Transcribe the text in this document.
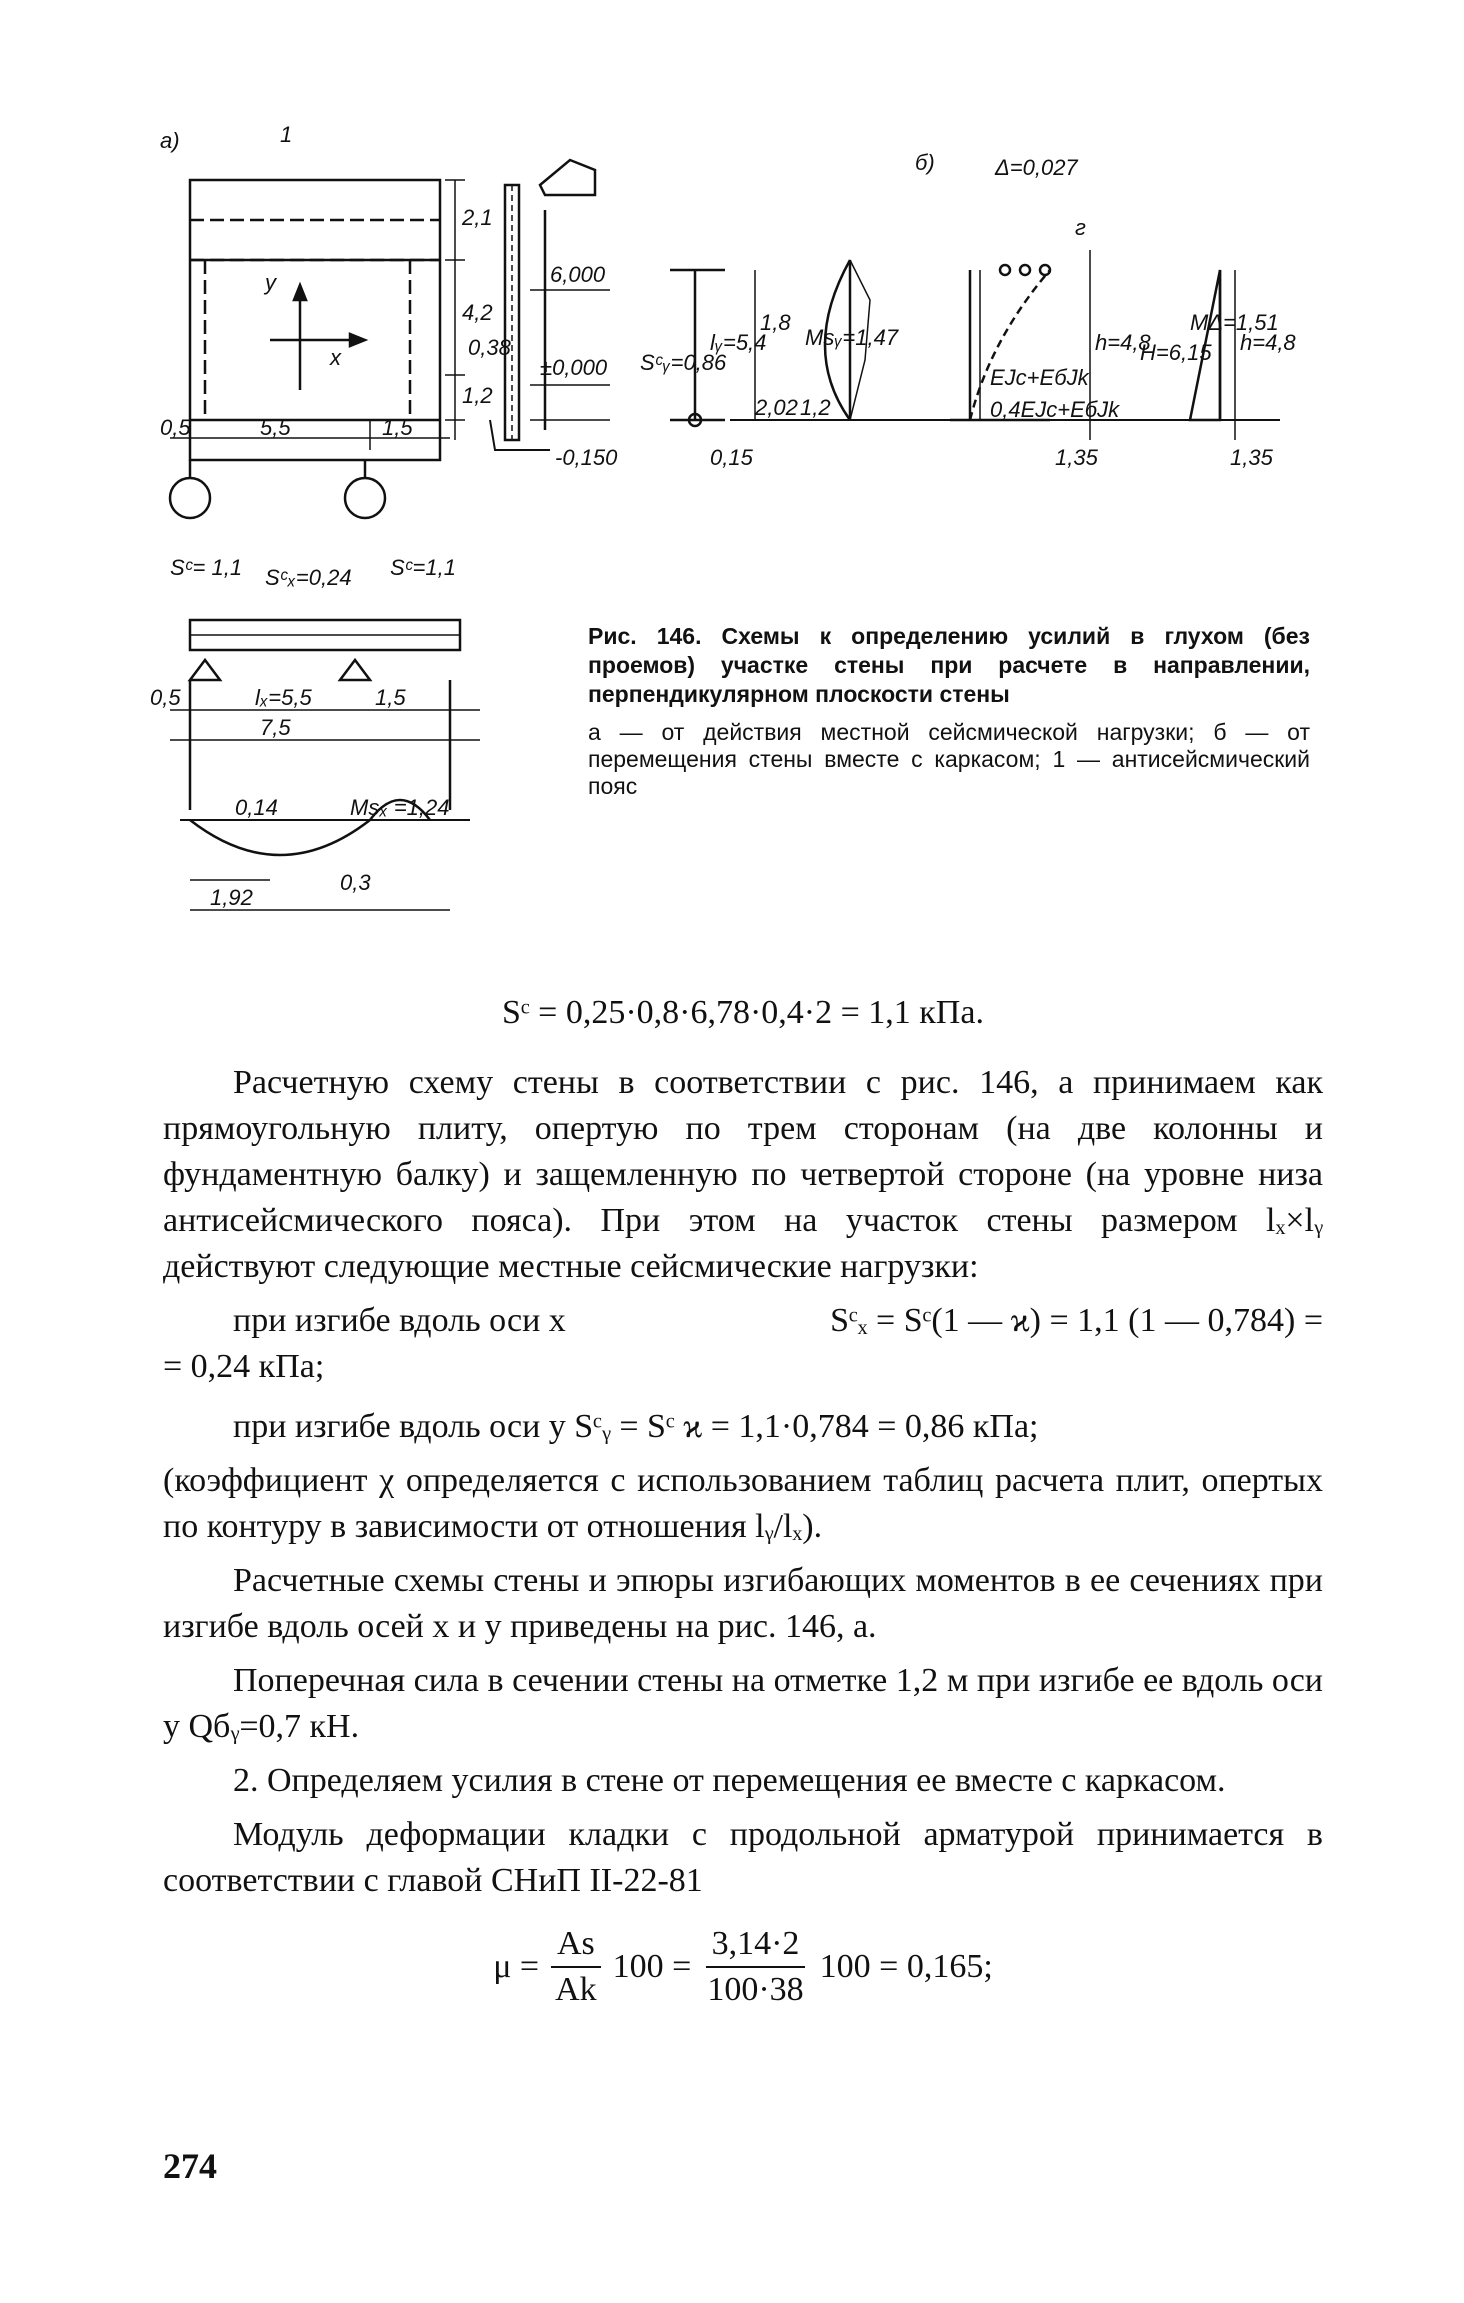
а)	1
y
x
0,5	5,5	1,5
2,1
4,2
1,2
0,38
6,000
±0,000
-0,150
Sᶜᵧ=0,86
lᵧ=5,4
1,8
Msᵧ=1,47
2,02 1,2
0,15
б)	Δ=0,027
г
h=4,8
H=6,15
EJc+EбJk
0,4EJc+EбJk
1,35
MΔ=1,51
h=4,8
1,35
Sᶜ= 1,1 Sᶜₓ=0,24 Sᶜ=1,1
0,5	lₓ=5,5	1,5
7,5
0,14	Msₓ =1,24
1,92
0,3
Рис. 146. Схемы к определению усилий в глухом (без проемов) участке стены при расчете в направлении, перпендикулярном плоскости стены
а — от действия местной сейсмической нагрузки; б — от перемещения стены вместе с каркасом; 1 — антисейсмический пояс
Sᶜ = 0,25·0,8·6,78·0,4·2 = 1,1 кПа.

Расчетную схему стены в соответствии с рис. 146, а принимаем как прямоугольную плиту, опертую по трем сторонам (на две колонны и фундаментную балку) и защемленную по четвертой стороне (на уровне низа антисейсмического пояса). При этом на участок стены размером lₓ×lᵧ действуют следующие местные сейсмические нагрузки:

при изгибе вдоль оси x	Sᶜₓ = Sᶜ(1 — ϰ) = 1,1 (1 — 0,784) =

= 0,24 кПа;

при изгибе вдоль оси y Sᶜᵧ = Sᶜ ϰ = 1,1·0,784 = 0,86 кПа;

(коэффициент χ определяется с использованием таблиц расчета плит, опертых по контуру в зависимости от отношения lᵧ/lₓ).

Расчетные схемы стены и эпюры изгибающих моментов в ее сечениях при изгибе вдоль осей x и y приведены на рис. 146, а.

Поперечная сила в сечении стены на отметке 1,2 м при изгибе ее вдоль оси y Qбᵧ=0,7 кН.

2. Определяем усилия в стене от перемещения ее вместе с каркасом.

Модуль деформации кладки с продольной арматурой принимается в соответствии с главой СНиП II-22-81

$\mu = \frac{As}{Ak} 100 = \frac{3,14\cdot 2}{100\cdot 38} 100 = 0,165$;
274
